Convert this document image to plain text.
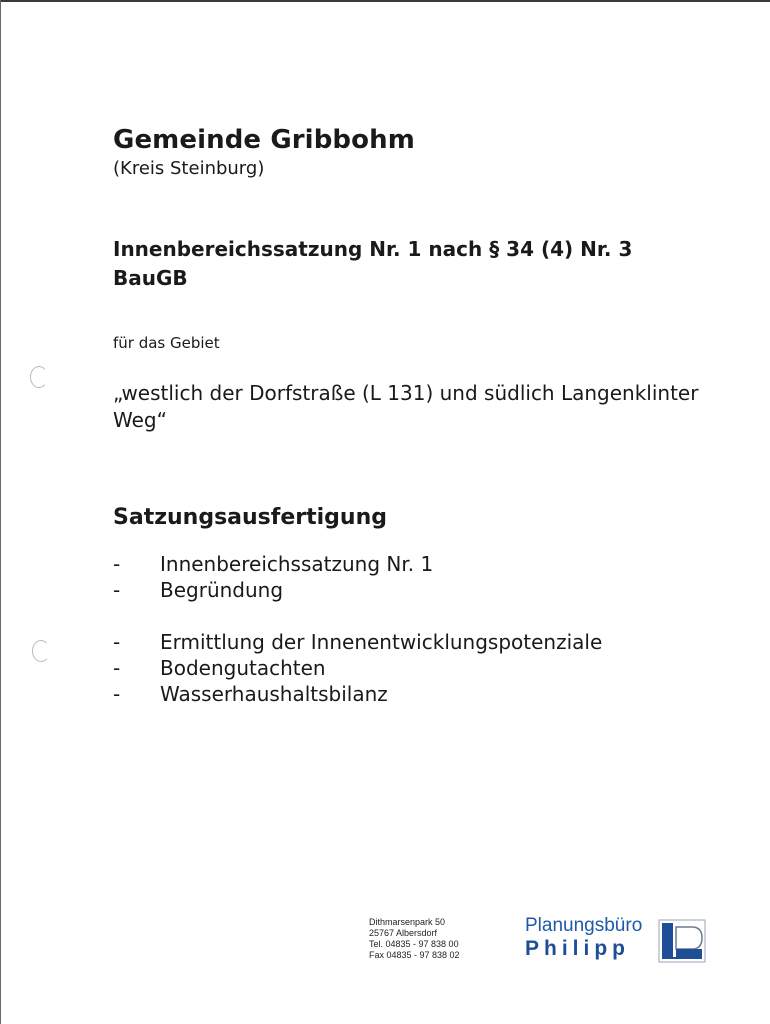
Gemeinde Gribbohm

(Kreis Steinburg)

Innenbereichssatzung Nr. 1 nach § 34 (4) Nr. 3
BauGB

für das Gebiet

„westlich der Dorfstraße (L 131) und südlich Langenklinter
Weg“

Satzungsausfertigung
-	Innenbereichssatzung Nr. 1
-	Begründung
-	Ermittlung der Innenentwicklungspotenziale
-	Bodengutachten
-	Wasserhaushaltsbilanz
Dithmarsenpark 50
25767 Albersdorf
Tel. 04835 - 97 838 00
Fax 04835 - 97 838 02
Planungsbüro
Philipp
